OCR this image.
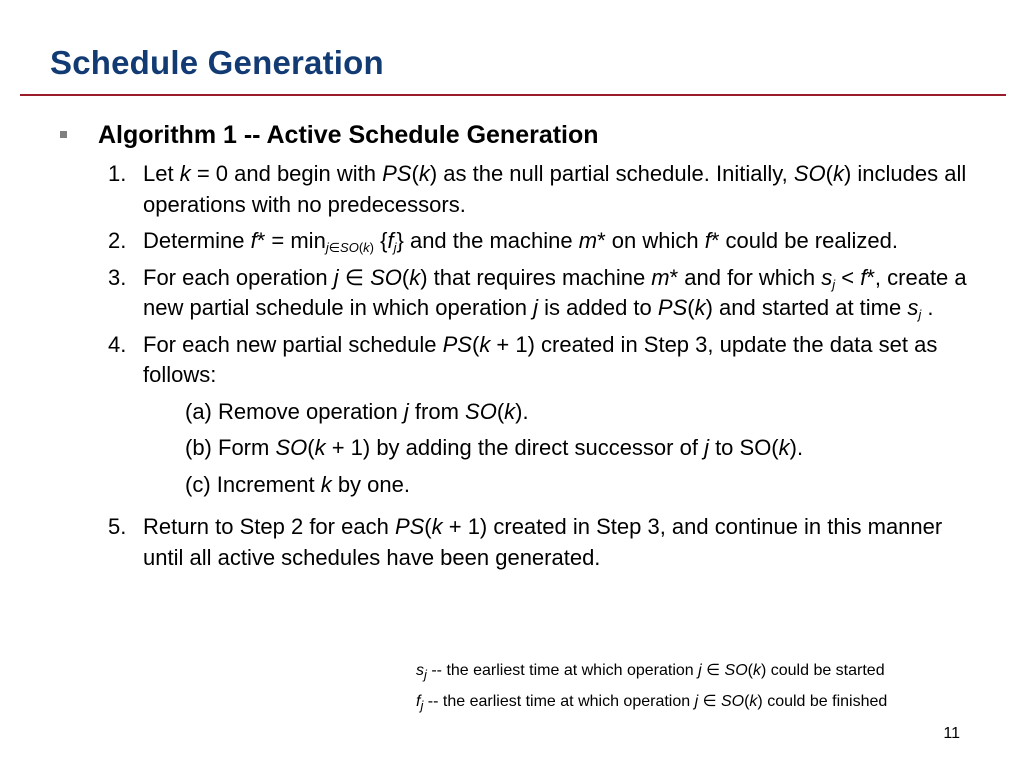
Schedule Generation
Algorithm 1 -- Active Schedule Generation
1. Let k = 0 and begin with PS(k) as the null partial schedule. Initially, SO(k) includes all operations with no predecessors.
2. Determine $f* = \min_{j\in SO(k)} \{f_j\}$ and the machine m* on which f* could be realized.
3. For each operation j ∈ SO(k) that requires machine m* and for which $s_j < f*$, create a new partial schedule in which operation j is added to PS(k) and started at time $s_j$ .
4. For each new partial schedule PS(k + 1) created in Step 3, update the data set as follows:
(a) Remove operation j from SO(k).
(b) Form SO(k + 1) by adding the direct successor of j to SO(k).
(c) Increment k by one.
5. Return to Step 2 for each PS(k + 1) created in Step 3, and continue in this manner until all active schedules have been generated.
$s_j$ -- the earliest time at which operation j ∈ SO(k) could be started
$f_j$ -- the earliest time at which operation j ∈ SO(k) could be finished
11
